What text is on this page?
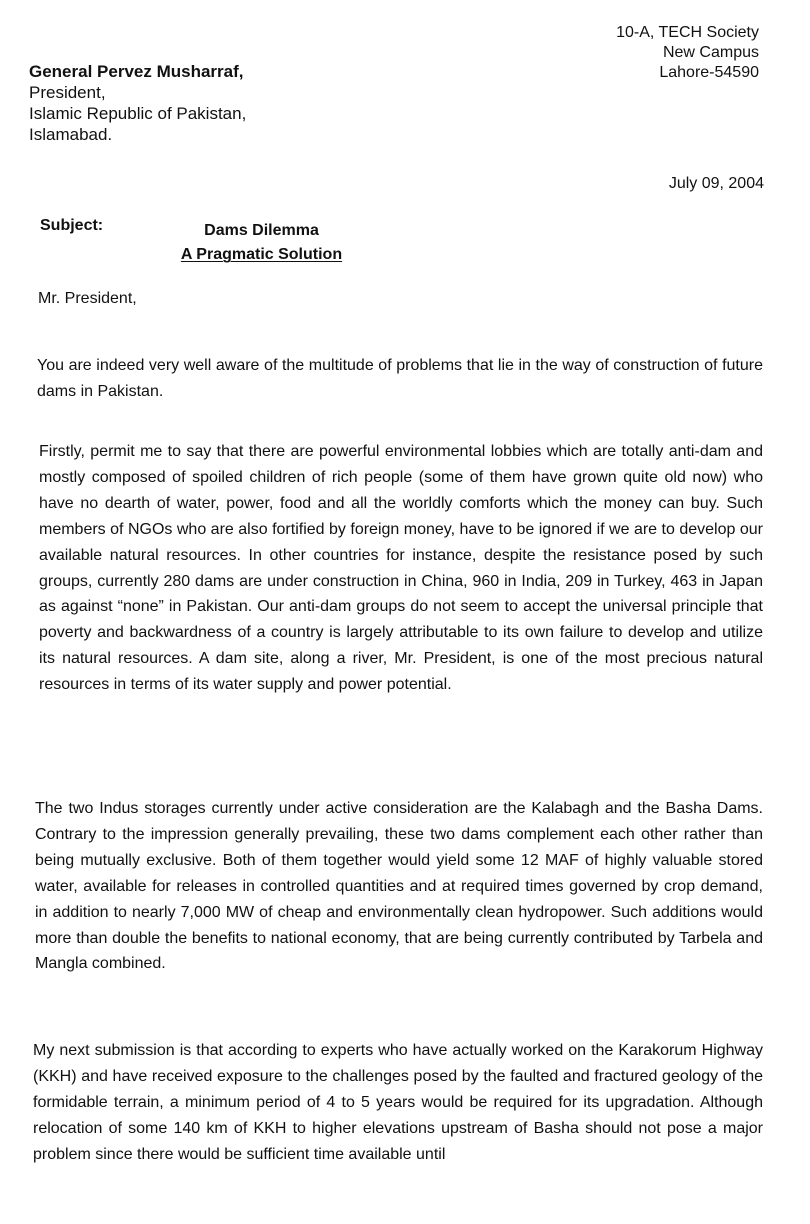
10-A, TECH Society
New Campus
Lahore-54590
General Pervez Musharraf,
President,
Islamic Republic of Pakistan,
Islamabad.
July 09, 2004
Subject:	Dams Dilemma
A Pragmatic Solution
Mr. President,

You are indeed very well aware of the multitude of problems that lie in the way of construction of future dams in Pakistan.

Firstly, permit me to say that there are powerful environmental lobbies which are totally anti-dam and mostly composed of spoiled children of rich people (some of them have grown quite old now) who have no dearth of water, power, food and all the worldly comforts which the money can buy. Such members of NGOs who are also fortified by foreign money, have to be ignored if we are to develop our available natural resources. In other countries for instance, despite the resistance posed by such groups, currently 280 dams are under construction in China, 960 in India, 209 in Turkey, 463 in Japan as against “none” in Pakistan. Our anti-dam groups do not seem to accept the universal principle that poverty and backwardness of a country is largely attributable to its own failure to develop and utilize its natural resources. A dam site, along a river, Mr. President, is one of the most precious natural resources in terms of its water supply and power potential.

The two Indus storages currently under active consideration are the Kalabagh and the Basha Dams. Contrary to the impression generally prevailing, these two dams complement each other rather than being mutually exclusive. Both of them together would yield some 12 MAF of highly valuable stored water, available for releases in controlled quantities and at required times governed by crop demand, in addition to nearly 7,000 MW of cheap and environmentally clean hydropower. Such additions would more than double the benefits to national economy, that are being currently contributed by Tarbela and Mangla combined.

My next submission is that according to experts who have actually worked on the Karakorum Highway (KKH) and have received exposure to the challenges posed by the faulted and fractured geology of the formidable terrain, a minimum period of 4 to 5 years would be required for its upgradation. Although relocation of some 140 km of KKH to higher elevations upstream of Basha should not pose a major problem since there would be sufficient time available until
